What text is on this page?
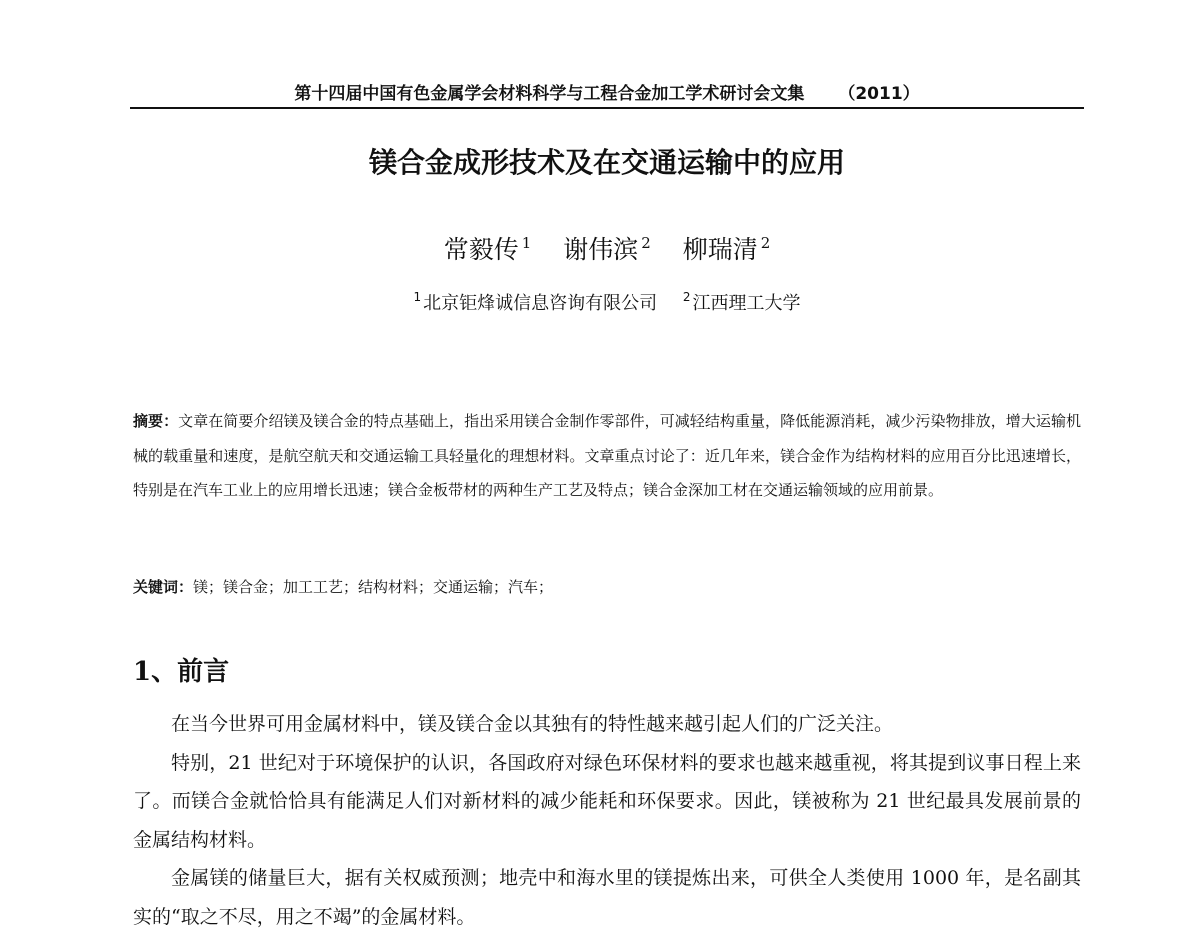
第十四届中国有色金属学会材料科学与工程合金加工学术研讨会文集 （2011）
镁合金成形技术及在交通运输中的应用
常毅传 $^1$ 谢伟滨 $^2$ 柳瑞清 $^2$
$^1$ 北京钜烽诚信息咨询有限公司 $^2$ 江西理工大学
摘要：文章在简要介绍镁及镁合金的特点基础上，指出采用镁合金制作零部件，可减轻结构重量，降低能源消耗，减少污染物排放，增大运输机械的载重量和速度，是航空航天和交通运输工具轻量化的理想材料。文章重点讨论了：近几年来，镁合金作为结构材料的应用百分比迅速增长，特别是在汽车工业上的应用增长迅速；镁合金板带材的两种生产工艺及特点；镁合金深加工材在交通运输领域的应用前景。
关键词：镁；镁合金；加工工艺；结构材料；交通运输；汽车；
1、前言

在当今世界可用金属材料中，镁及镁合金以其独有的特性越来越引起人们的广泛关注。

特别，21 世纪对于环境保护的认识，各国政府对绿色环保材料的要求也越来越重视，将其提到议事日程上来了。而镁合金就恰恰具有能满足人们对新材料的减少能耗和环保要求。因此，镁被称为 21 世纪最具发展前景的金属结构材料。

金属镁的储量巨大，据有关权威预测；地壳中和海水里的镁提炼出来，可供全人类使用 1000 年，是名副其实的“取之不尽，用之不竭”的金属材料。
